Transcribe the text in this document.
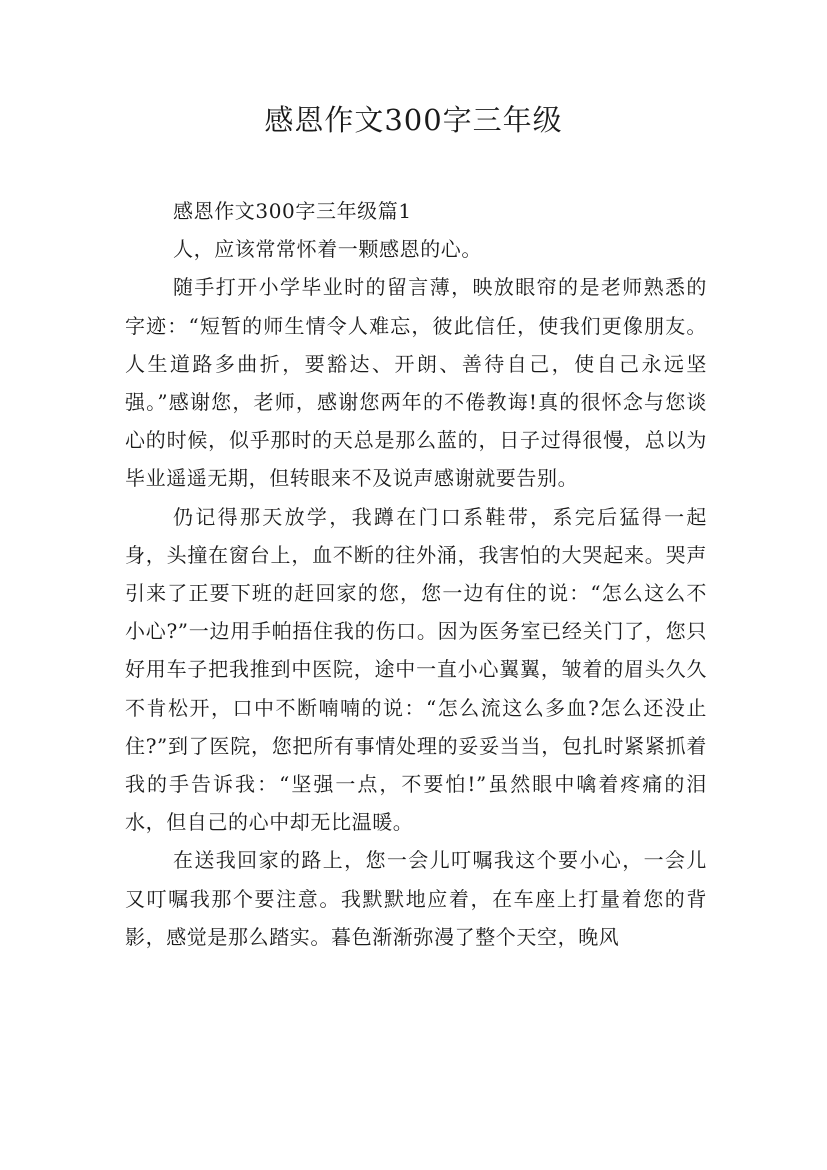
感恩作文300字三年级

感恩作文300字三年级篇1

人，应该常常怀着一颗感恩的心。

随手打开小学毕业时的留言薄，映放眼帘的是老师熟悉的字迹：“短暂的师生情令人难忘，彼此信任，使我们更像朋友。人生道路多曲折，要豁达、开朗、善待自己，使自己永远坚强。”感谢您，老师，感谢您两年的不倦教诲!真的很怀念与您谈心的时候，似乎那时的天总是那么蓝的，日子过得很慢，总以为毕业遥遥无期，但转眼来不及说声感谢就要告别。

仍记得那天放学，我蹲在门口系鞋带，系完后猛得一起身，头撞在窗台上，血不断的往外涌，我害怕的大哭起来。哭声引来了正要下班的赶回家的您，您一边有住的说：“怎么这么不小心?”一边用手帕捂住我的伤口。因为医务室已经关门了，您只好用车子把我推到中医院，途中一直小心翼翼，皱着的眉头久久不肯松开，口中不断喃喃的说：“怎么流这么多血?怎么还没止住?”到了医院，您把所有事情处理的妥妥当当，包扎时紧紧抓着我的手告诉我：“坚强一点，不要怕!”虽然眼中噙着疼痛的泪水，但自己的心中却无比温暖。

在送我回家的路上，您一会儿叮嘱我这个要小心，一会儿又叮嘱我那个要注意。我默默地应着，在车座上打量着您的背影，感觉是那么踏实。暮色渐渐弥漫了整个天空，晚风
